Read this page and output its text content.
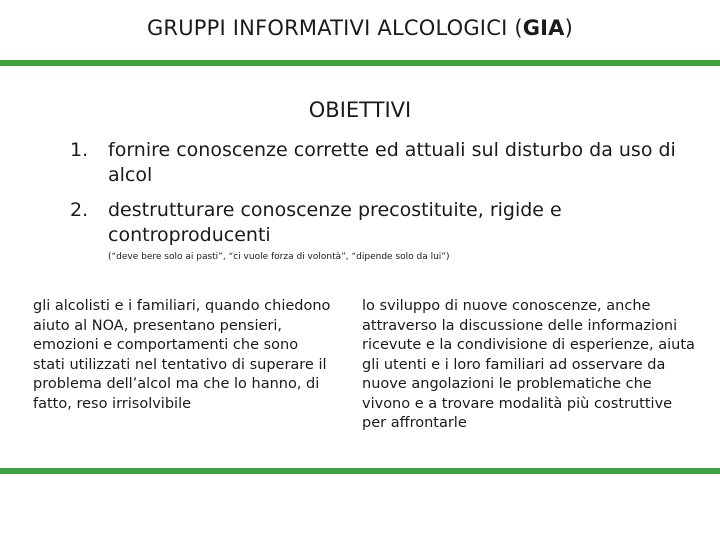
GRUPPI INFORMATIVI ALCOLOGICI (GIA)
OBIETTIVI
1. fornire conoscenze corrette ed attuali sul disturbo da uso di alcol
2. destrutturare conoscenze precostituite, rigide e controproducenti
(“deve bere solo ai pasti”, “ci vuole forza di volontà”, “dipende solo da lui”)
gli alcolisti e i familiari, quando chiedono aiuto al NOA, presentano pensieri, emozioni e comportamenti che sono stati utilizzati nel tentativo di superare il problema dell’alcol ma che lo hanno, di fatto, reso irrisolvibile
lo sviluppo di nuove conoscenze, anche attraverso la discussione delle informazioni ricevute e la condivisione di esperienze, aiuta gli utenti e i loro familiari ad osservare da nuove angolazioni le problematiche che vivono e a trovare modalità più costruttive per affrontarle
